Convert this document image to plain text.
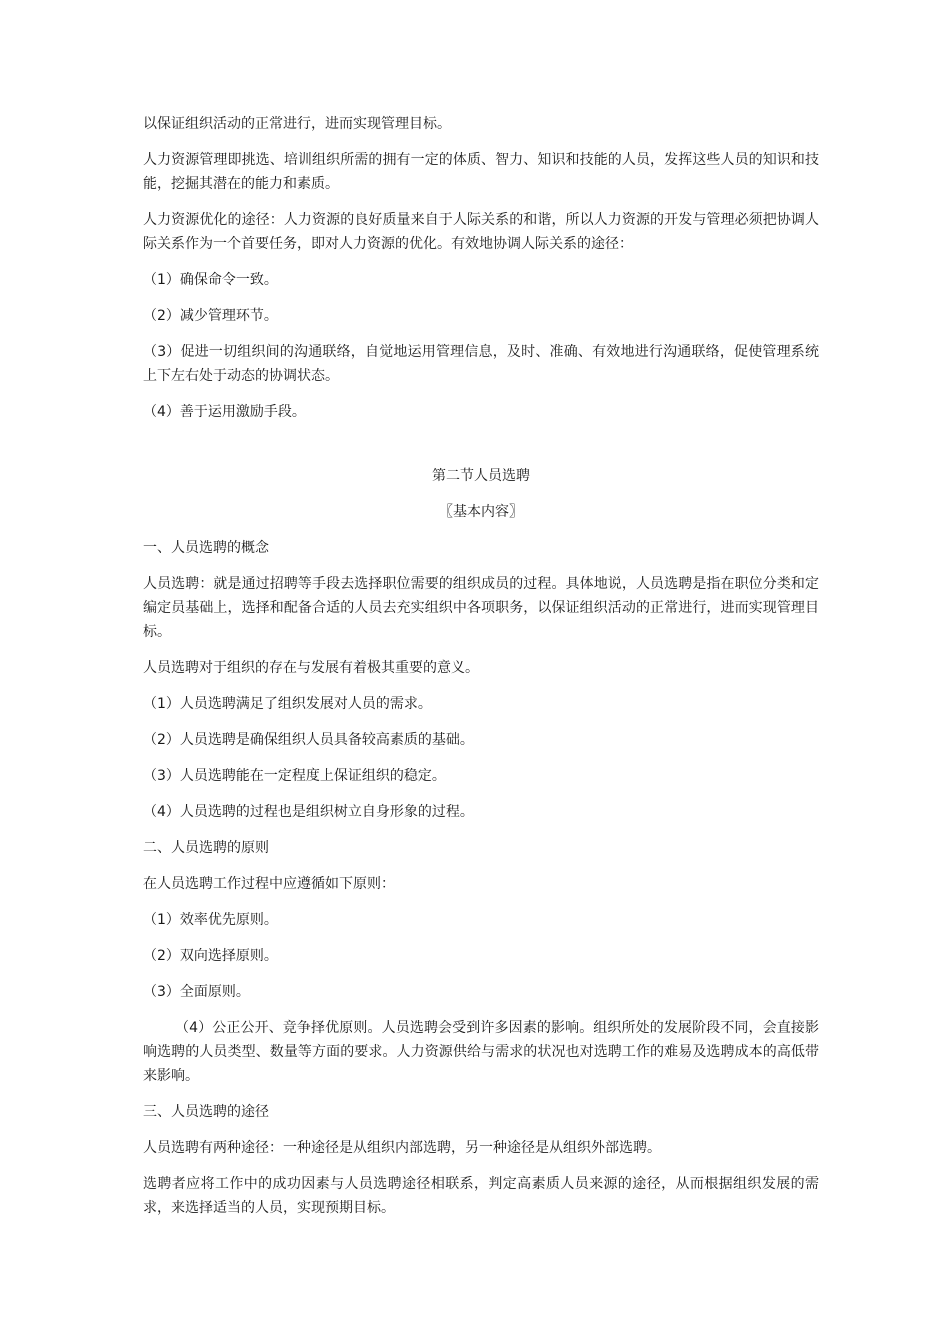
以保证组织活动的正常进行，进而实现管理目标。

人力资源管理即挑选、培训组织所需的拥有一定的体质、智力、知识和技能的人员，发挥这些人员的知识和技能，挖掘其潜在的能力和素质。

人力资源优化的途径：人力资源的良好质量来自于人际关系的和谐，所以人力资源的开发与管理必须把协调人际关系作为一个首要任务，即对人力资源的优化。有效地协调人际关系的途径：

（1）确保命令一致。

（2）减少管理环节。

（3）促进一切组织间的沟通联络，自觉地运用管理信息，及时、准确、有效地进行沟通联络，促使管理系统上下左右处于动态的协调状态。

（4）善于运用激励手段。

第二节人员选聘

〖基本内容〗

一、人员选聘的概念

人员选聘：就是通过招聘等手段去选择职位需要的组织成员的过程。具体地说，人员选聘是指在职位分类和定编定员基础上，选择和配备合适的人员去充实组织中各项职务，以保证组织活动的正常进行，进而实现管理目标。

人员选聘对于组织的存在与发展有着极其重要的意义。

（1）人员选聘满足了组织发展对人员的需求。

（2）人员选聘是确保组织人员具备较高素质的基础。

（3）人员选聘能在一定程度上保证组织的稳定。

（4）人员选聘的过程也是组织树立自身形象的过程。

二、人员选聘的原则

在人员选聘工作过程中应遵循如下原则：

（1）效率优先原则。

（2）双向选择原则。

（3）全面原则。

（4）公正公开、竞争择优原则。人员选聘会受到许多因素的影响。组织所处的发展阶段不同，会直接影响选聘的人员类型、数量等方面的要求。人力资源供给与需求的状况也对选聘工作的难易及选聘成本的高低带来影响。

三、人员选聘的途径

人员选聘有两种途径：一种途径是从组织内部选聘，另一种途径是从组织外部选聘。

选聘者应将工作中的成功因素与人员选聘途径相联系，判定高素质人员来源的途径，从而根据组织发展的需求，来选择适当的人员，实现预期目标。
